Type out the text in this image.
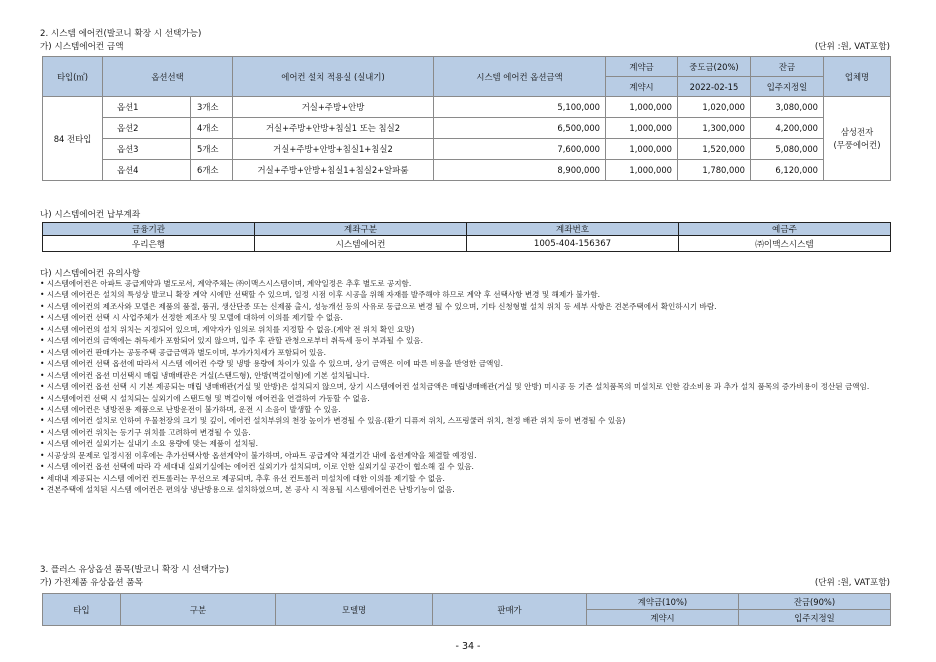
2. 시스템 에어컨(발코니 확장 시 선택가능)
가) 시스템에어컨 금액	(단위 :원, VAT포함)
타입(㎡)	옵션선택		에어컨 설치 적용실 (실내기)	시스템 에어컨 옵션금액	계약금	중도금(20%)	잔금	업체명
					계약시	2022-02-15	입주지정일	
84 전타입	옵션1	3개소	거실+주방+안방	5,100,000	1,000,000	1,020,000	3,080,000	삼성전자
(무풍에어컨)

	옵션2	4개소	거실+주방+안방+침실1 또는 침실2	6,500,000	1,000,000	1,300,000	4,200,000	
	옵션3	5개소	거실+주방+안방+침실1+침실2	7,600,000	1,000,000	1,520,000	5,080,000	
	옵션4	6개소	거실+주방+안방+침실1+침실2+알파룸	8,900,000	1,000,000	1,780,000	6,120,000	
나) 시스템에어컨 납부계좌
금융기관	계좌구분	계좌번호	예금주
우리은행	시스템에어컨	1005-404-156367	㈜이맥스시스템
다) 시스템에어컨 유의사항
• 시스템에어컨은 아파트 공급계약과 별도로서, 계약주체는 ㈜이맥스시스템이며, 계약일정은 추후 별도로 공지함.
• 시스템 에어컨은 설치의 특성상 발코니 확장 계약 시에만 선택할 수 있으며, 일정 시점 이후 시공을 위해 자재를 발주해야 하므로 계약 후 선택사항 변경 및 해제가 불가함.
• 시스템 에어컨의 제조사와 모델은 제품의 품절, 품귀, 생산단종 또는 신제품 출시, 성능개선 등의 사유로 동급으로 변경 될 수 있으며, 기타 신청형별 설치 위치 등 세부 사항은 견본주택에서 확인하시기 바람.
• 시스템 에어컨 선택 시 사업주체가 선정한 제조사 및 모델에 대하여 이의를 제기할 수 없음.
• 시스템 에어컨의 설치 위치는 지정되어 있으며, 계약자가 임의로 위치를 지정할 수 없음.(계약 전 위치 확인 요망)
• 시스템 에어컨의 금액에는 취득세가 포함되어 있지 않으며, 입주 후 관할 관청으로부터 취득세 등이 부과될 수 있음.
• 시스템 에어컨 판매가는 공동주택 공급금액과 별도이며, 부가가치세가 포함되어 있음.
• 시스템 에어컨 선택 옵션에 따라서 시스템 에어컨 수량 및 냉방 용량에 차이가 있을 수 있으며, 상기 금액은 이에 따른 비용을 반영한 금액임.
• 시스템 에어컨 옵션 미선택시 매립 냉매배관은 거실(스탠드형), 안방(벽걸이형)에 기본 설치됩니다.
• 시스템 에어컨 옵션 선택 시 기본 제공되는 매립 냉매배관(거실 및 안방)은 설치되지 않으며, 상기 시스템에어컨 설치금액은 매립냉매배관(거실 및 안방) 미시공 등 기존 설치품목의 미설치로 인한 감소비용 과 추가 설치 품목의 증가비용이 정산된 금액임.
• 시스템에어컨 선택 시 설치되는 실외기에 스탠드형 및 벽걸이형 에어컨을 연결하여 가동할 수 없음.
• 시스템 에어컨은 냉방전용 제품으로 난방운전이 불가하며, 운전 시 소음이 발생할 수 있음.
• 시스템 에어컨 설치로 인하여 우물천장의 크기 및 깊이, 에어컨 설치부위의 천장 높이가 변경될 수 있음.(환기 디퓨저 위치, 스프링쿨러 위치, 천정 배관 위치 등이 변경될 수 있음)
• 시스템 에어컨 위치는 등기구 위치를 고려하여 변경될 수 있음.
• 시스템 에어컨 실외기는 실내기 소요 용량에 맞는 제품이 설치됨.
• 시공상의 문제로 일정시점 이후에는 추가선택사항 옵션계약이 불가하며, 아파트 공급계약 체결기간 내에 옵션계약을 체결할 예정임.
• 시스템 에어컨 옵션 선택에 따라 각 세대내 실외기실에는 에어컨 실외기가 설치되며, 이로 인한 실외기실 공간이 협소해 질 수 있음.
• 세대내 제공되는 시스템 에어컨 컨트롤러는 무선으로 제공되며, 추후 유선 컨트롤러 미설치에 대한 이의를 제기할 수 없음.
• 견본주택에 설치된 시스템 에어컨은 편의상 냉난방용으로 설치하였으며, 본 공사 시 적용될 시스템에어컨은 난방기능이 없음.
3. 플러스 유상옵션 품목(발코니 확장 시 선택가능)
가) 가전제품 유상옵션 품목	(단위 :원, VAT포함)
타입	구분	모델명	판매가	계약금(10%)	잔금(90%)
				계약시	입주지정일
- 34 -
